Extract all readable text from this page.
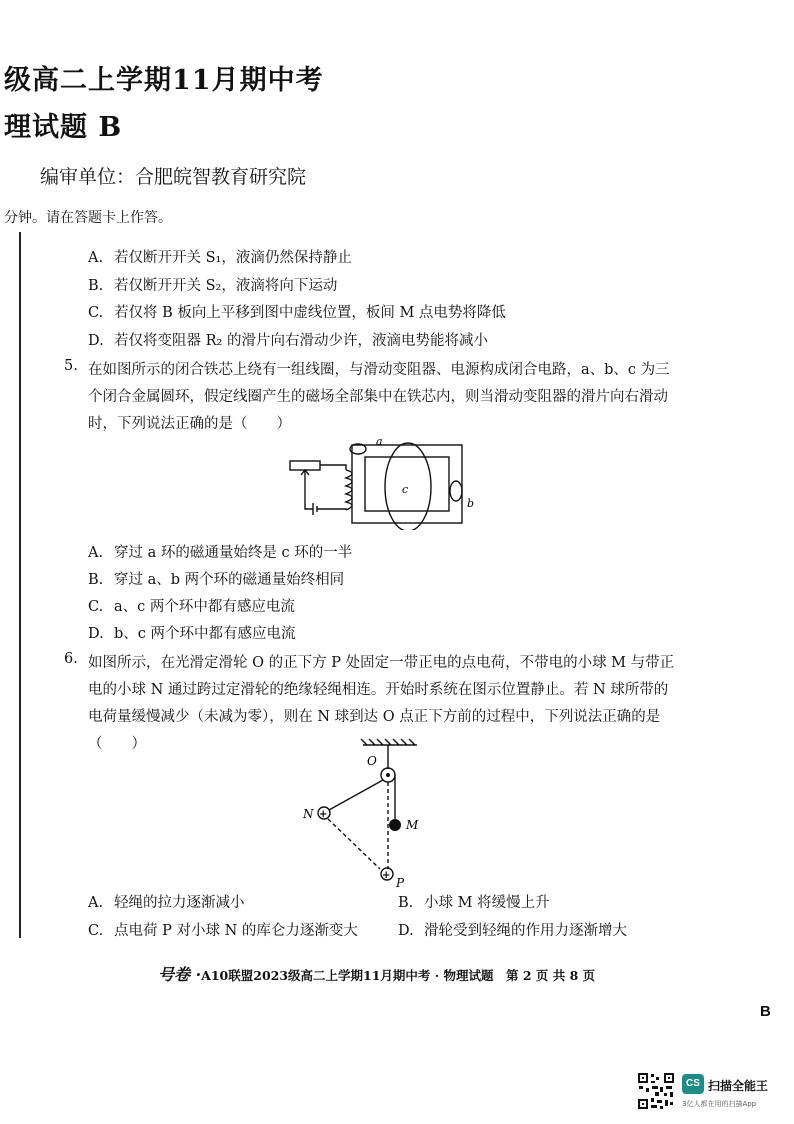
级高二上学期11月期中考
理试题 B
编审单位：合肥皖智教育研究院
分钟。请在答题卡上作答。
A. 若仅断开开关 S₁，液滴仍然保持静止
B. 若仅断开开关 S₂，液滴将向下运动
C. 若仅将 B 板向上平移到图中虚线位置，板间 M 点电势将降低
D. 若仅将变阻器 R₂ 的滑片向右滑动少许，液滴电势能将减小
5. 在如图所示的闭合铁芯上绕有一组线圈，与滑动变阻器、电源构成闭合电路，a、b、c 为三
个闭合金属圆环，假定线圈产生的磁场全部集中在铁芯内，则当滑动变阻器的滑片向右滑动
时，下列说法正确的是（　　）
a
c
b
A. 穿过 a 环的磁通量始终是 c 环的一半
B. 穿过 a、b 两个环的磁通量始终相同
C. a、c 两个环中都有感应电流
D. b、c 两个环中都有感应电流
6. 如图所示，在光滑定滑轮 O 的正下方 P 处固定一带正电的点电荷，不带电的小球 M 与带正
电的小球 N 通过跨过定滑轮的绝缘轻绳相连。开始时系统在图示位置静止。若 N 球所带的
电荷量缓慢减少（未减为零），则在 N 球到达 O 点正下方前的过程中，下列说法正确的是
（　　）
+
+
O
N
M
P
A. 轻绳的拉力逐渐减小	B. 小球 M 将缓慢上升
C. 点电荷 P 对小球 N 的库仑力逐渐变大	D. 滑轮受到轻绳的作用力逐渐增大
号卷 ·A10联盟2023级高二上学期11月期中考 · 物理试题　第 2 页 共 8 页
B
CS 扫描全能王
3亿人都在用的扫描App
